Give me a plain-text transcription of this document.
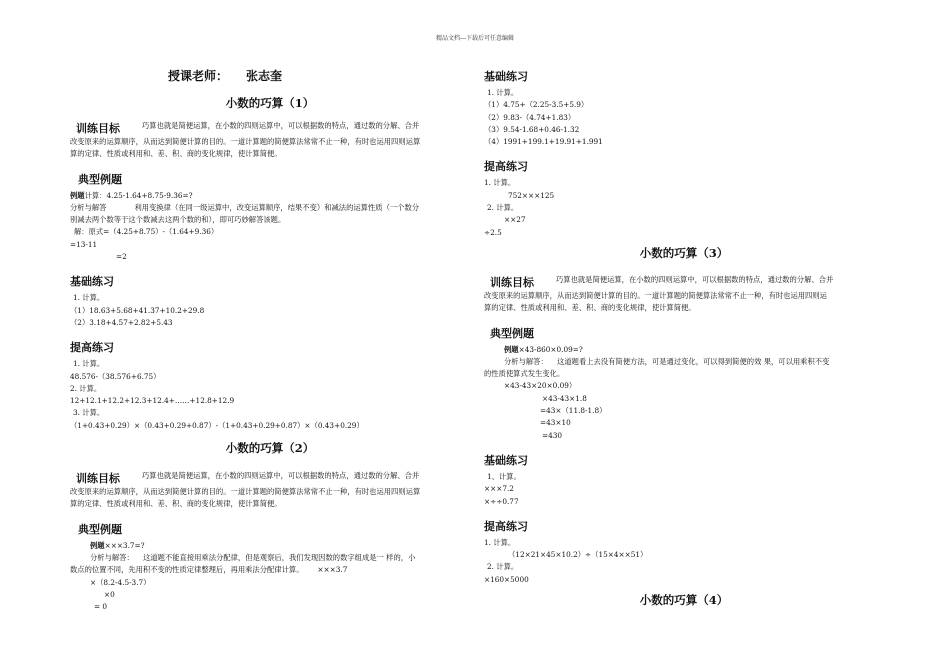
精品文档---下载后可任意编辑
授课老师： 张志奎
小数的巧算（1）
训练目标	巧算也就是简便运算，在小数的四则运算中，可以根据数的特点，通过数的分解、合并
改变原来的运算顺序，从而达到简便计算的目的。一道计算题的简便算法常常不止一种，有时也运用四则运算
算的定律、性质或利用和、差、积、商的变化规律，使计算简便。
典型例题
例题计算：4.25-1.64+8.75-9.36=?
分析与解答	利用变换律（在同一级运算中，改变运算顺序，结果不变）和减法的运算性质（一个数分
别减去两个数等于这个数减去这两个数的和），即可巧妙解答该题。
解：原式=（4.25+8.75）-（1.64+9.36）
=13-11
=2
基础练习
1. 计算。
（1）18.63+5.68+41.37+10.2+29.8
（2）3.18+4.57+2.82+5.43
提高练习
1. 计算。
48.576-（38.576+6.75）
2. 计算。
12+12.1+12.2+12.3+12.4+……+12.8+12.9
3. 计算。
（1+0.43+0.29）×（0.43+0.29+0.87）-（1+0.43+0.29+0.87）×（0.43+0.29）
小数的巧算（2）
训练目标	巧算也就是简便运算，在小数的四则运算中，可以根据数的特点，通过数的分解、合并
改变原来的运算顺序，从而达到简便计算的目的。一道计算题的简便算法常常不止一种，有时也运用四则运算
算的定律、性质或利用和、差、积、商的变化规律，使计算简便。
典型例题
例题×××3.7=?
分析与解答：    这道题不能直接用乘法分配律，但是观察后，我们发现因数的数字组成是一 样的，小
数点的位置不同，先用积不变的性质定律整理后，再用乘法分配律计算。      ×××3.7
×（8.2-4.5-3.7）
×0
= 0
基础练习
1. 计算。
（1）4.75+（2.25-3.5+5.9）
（2）9.83-（4.74+1.83）
（3）9.54-1.68+0.46-1.32
（4）1991+199.1+19.91+1.991
提高练习
1. 计算。
752×××125
2. 计算。
××27
÷2.5
小数的巧算（3）
训练目标	巧算也就是简便运算，在小数的四则运算中，可以根据数的特点，通过数的分解、合并
改变原来的运算顺序，从而达到简便计算的目的。一道计算题的简便算法常常不止一种，有时也运用四则运
算的定律、性质或利用和、差、积、商的变化规律，使计算简便。
典型例题
例题×43-860×0.09=?
分析与解答：    这道题看上去没有简便方法，可是通过变化，可以得到简便的效 果，可以用乘积不变
的性质使算式发生变化。
×43-43×20×0.09）
×43-43×1.8
=43×（11.8-1.8）
=43×10
=430
基础练习
1、计算。
×××7.2
×÷÷0.77
提高练习
1. 计算。
（12×21×45×10.2）÷（15×4××51）
2. 计算。
×160×5000
小数的巧算（4）
